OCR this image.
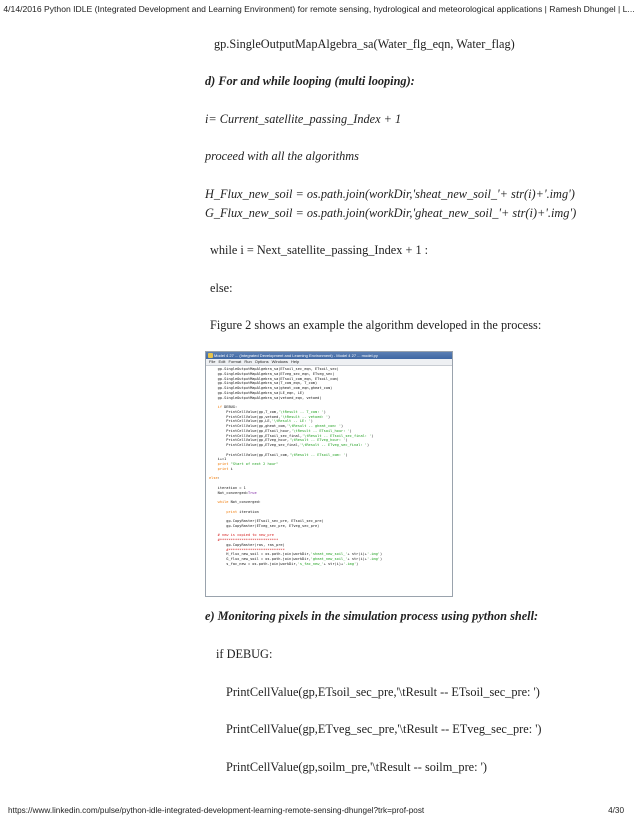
4/14/2016 Python IDLE (Integrated Development and Learning Environment) for remote sensing, hydrological and meteorological applications | Ramesh Dhungel | L...
gp.SingleOutputMapAlgebra_sa(Water_flg_eqn, Water_flag)
d) For and while looping (multi looping):
i= Current_satellite_passing_Index + 1
proceed with all the algorithms
H_Flux_new_soil = os.path.join(workDir,'sheat_new_soil_'+ str(i)+'.img')
G_Flux_new_soil = os.path.join(workDir,'gheat_new_soil_'+ str(i)+'.img')
while i = Next_satellite_passing_Index + 1 :
else:
Figure 2 shows an example the algorithm developed in the process:
Model 4 27 ... (Integrated Development and Learning Environment) - Model 4 27 ... model.py
File Edit Format Run Options Windows Help
gp.SingleOutputMapAlgebra_sa(ETsoil_sec_eqn, ETsoil_sec)
gp.SingleOutputMapAlgebra_sa(ETveg_sec_eqn, ETveg_sec)
gp.SingleOutputMapAlgebra_sa(ETsoil_com_eqn, ETsoil_com)
gp.SingleOutputMapAlgebra_sa(T_com_eqn, T_com)
gp.SingleOutputMapAlgebra_sa(gheat_com_eqn,gheat_com)
gp.SingleOutputMapAlgebra_sa(LE_eqn, LE)
gp.SingleOutputMapAlgebra_sa(vetoed_eqn, vetoed)

if DEBUG:
PrintCellValue(gp,T_com,'\tResult -- T_com: ')
PrintCellValue(gp,vetoed,'\tResult -- vetoed: ')
PrintCellValue(gp,LE,'\tResult -- LE: ')
PrintCellValue(gp,gheat_com,'\tResult -- gheat_com: ')
PrintCellValue(gp,ETsoil_hour,'\tResult -- ETsoil_hour: ')
PrintCellValue(gp,ETsoil_sec_final,'\tResult -- ETsoil_sec_final: ')
PrintCellValue(gp,ETveg_hour,'\tResult -- ETveg_hour: ')
PrintCellValue(gp,ETveg_sec_final,'\tResult -- ETveg_sec_final: ')

PrintCellValue(gp,ETsoil_com,'\tResult -- ETsoil_com: ')
i+=1
print "Start of next 2 hour"
print i

else:

iteration = 1
Not_converged=True

while Not_converged:

print iteration

gp.CopyRaster(ETsoil_sec_pre, ETsoil_sec_pre)
gp.CopyRaster(ETveg_sec_pre, ETveg_sec_pre)

# new is copied to new_pre
#***************************
gp.CopyRaster(ras, ras_pre)
#**************************
H_flux_new_soil = os.path.join(workDir,'sheat_new_soil_'+ str(i)+'.img')
G_flux_new_soil = os.path.join(workDir,'gheat_new_soil_'+ str(i)+'.img')
s_fac_new = os.path.join(workDir,'s_fac_new_'+ str(i)+'.img')
e) Monitoring pixels in the simulation process using python shell:
if DEBUG:
PrintCellValue(gp,ETsoil_sec_pre,'\tResult -- ETsoil_sec_pre: ')
PrintCellValue(gp,ETveg_sec_pre,'\tResult -- ETveg_sec_pre: ')
PrintCellValue(gp,soilm_pre,'\tResult -- soilm_pre: ')
https://www.linkedin.com/pulse/python-idle-integrated-development-learning-remote-sensing-dhungel?trk=prof-post	4/30
